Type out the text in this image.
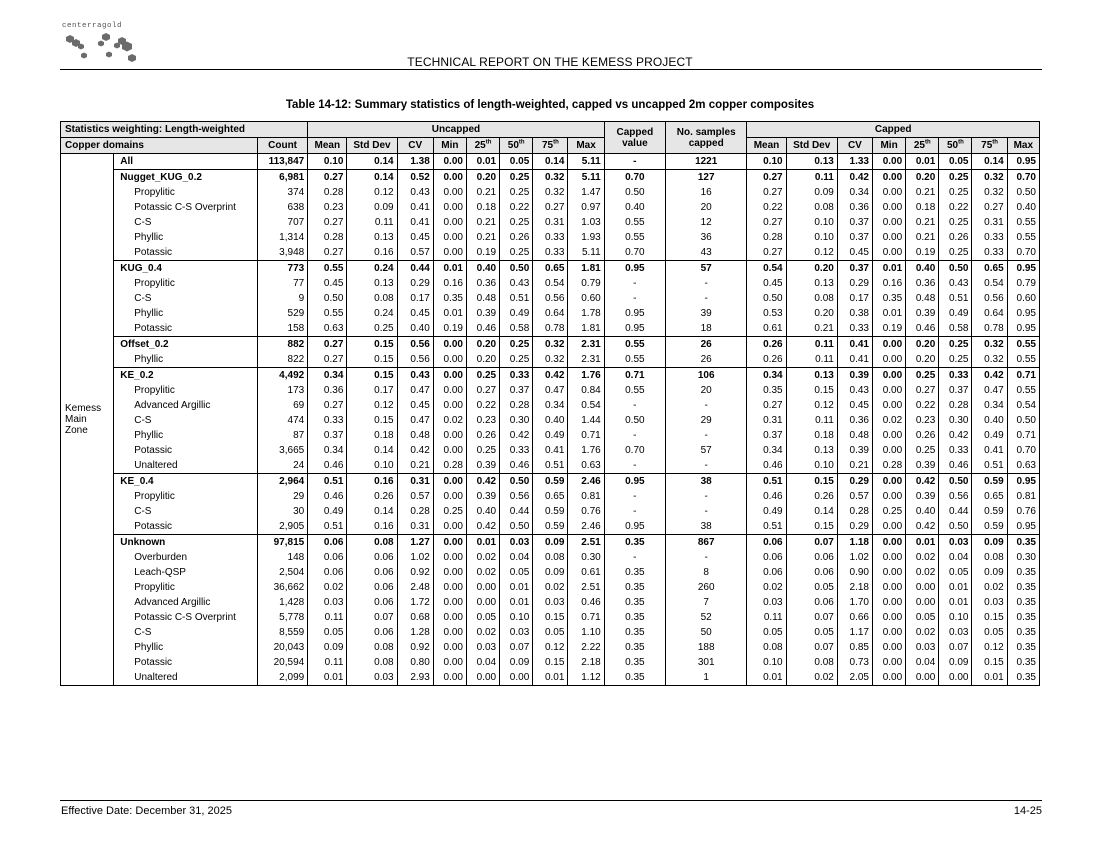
centerragold
TECHNICAL REPORT ON THE KEMESS PROJECT
Table 14-12: Summary statistics of length-weighted, capped vs uncapped 2m copper composites
Statistics weighting: Length-weighted			Uncapped								Capped value	No. samples capped	Capped							
Copper domains		Count	Mean	Std Dev	CV	Min	25th	50th	75th	Max			Mean	Std Dev	CV	Min	25th	50th	75th	Max
Kemess Main Zone	All	113,847	0.10	0.14	1.38	0.00	0.01	0.05	0.14	5.11	-	1221	0.10	0.13	1.33	0.00	0.01	0.05	0.14	0.95
	Nugget_KUG_0.2	6,981	0.27	0.14	0.52	0.00	0.20	0.25	0.32	5.11	0.70	127	0.27	0.11	0.42	0.00	0.20	0.25	0.32	0.70
	Propylitic	374	0.28	0.12	0.43	0.00	0.21	0.25	0.32	1.47	0.50	16	0.27	0.09	0.34	0.00	0.21	0.25	0.32	0.50
	Potassic C-S Overprint	638	0.23	0.09	0.41	0.00	0.18	0.22	0.27	0.97	0.40	20	0.22	0.08	0.36	0.00	0.18	0.22	0.27	0.40
	C-S	707	0.27	0.11	0.41	0.00	0.21	0.25	0.31	1.03	0.55	12	0.27	0.10	0.37	0.00	0.21	0.25	0.31	0.55
	Phyllic	1,314	0.28	0.13	0.45	0.00	0.21	0.26	0.33	1.93	0.55	36	0.28	0.10	0.37	0.00	0.21	0.26	0.33	0.55
	Potassic	3,948	0.27	0.16	0.57	0.00	0.19	0.25	0.33	5.11	0.70	43	0.27	0.12	0.45	0.00	0.19	0.25	0.33	0.70
	KUG_0.4	773	0.55	0.24	0.44	0.01	0.40	0.50	0.65	1.81	0.95	57	0.54	0.20	0.37	0.01	0.40	0.50	0.65	0.95
	Propylitic	77	0.45	0.13	0.29	0.16	0.36	0.43	0.54	0.79	-	-	0.45	0.13	0.29	0.16	0.36	0.43	0.54	0.79
	C-S	9	0.50	0.08	0.17	0.35	0.48	0.51	0.56	0.60	-	-	0.50	0.08	0.17	0.35	0.48	0.51	0.56	0.60
	Phyllic	529	0.55	0.24	0.45	0.01	0.39	0.49	0.64	1.78	0.95	39	0.53	0.20	0.38	0.01	0.39	0.49	0.64	0.95
	Potassic	158	0.63	0.25	0.40	0.19	0.46	0.58	0.78	1.81	0.95	18	0.61	0.21	0.33	0.19	0.46	0.58	0.78	0.95
	Offset_0.2	882	0.27	0.15	0.56	0.00	0.20	0.25	0.32	2.31	0.55	26	0.26	0.11	0.41	0.00	0.20	0.25	0.32	0.55
	Phyllic	822	0.27	0.15	0.56	0.00	0.20	0.25	0.32	2.31	0.55	26	0.26	0.11	0.41	0.00	0.20	0.25	0.32	0.55
	KE_0.2	4,492	0.34	0.15	0.43	0.00	0.25	0.33	0.42	1.76	0.71	106	0.34	0.13	0.39	0.00	0.25	0.33	0.42	0.71
	Propylitic	173	0.36	0.17	0.47	0.00	0.27	0.37	0.47	0.84	0.55	20	0.35	0.15	0.43	0.00	0.27	0.37	0.47	0.55
	Advanced Argillic	69	0.27	0.12	0.45	0.00	0.22	0.28	0.34	0.54	-	-	0.27	0.12	0.45	0.00	0.22	0.28	0.34	0.54
	C-S	474	0.33	0.15	0.47	0.02	0.23	0.30	0.40	1.44	0.50	29	0.31	0.11	0.36	0.02	0.23	0.30	0.40	0.50
	Phyllic	87	0.37	0.18	0.48	0.00	0.26	0.42	0.49	0.71	-	-	0.37	0.18	0.48	0.00	0.26	0.42	0.49	0.71
	Potassic	3,665	0.34	0.14	0.42	0.00	0.25	0.33	0.41	1.76	0.70	57	0.34	0.13	0.39	0.00	0.25	0.33	0.41	0.70
	Unaltered	24	0.46	0.10	0.21	0.28	0.39	0.46	0.51	0.63	-	-	0.46	0.10	0.21	0.28	0.39	0.46	0.51	0.63
	KE_0.4	2,964	0.51	0.16	0.31	0.00	0.42	0.50	0.59	2.46	0.95	38	0.51	0.15	0.29	0.00	0.42	0.50	0.59	0.95
	Propylitic	29	0.46	0.26	0.57	0.00	0.39	0.56	0.65	0.81	-	-	0.46	0.26	0.57	0.00	0.39	0.56	0.65	0.81
	C-S	30	0.49	0.14	0.28	0.25	0.40	0.44	0.59	0.76	-	-	0.49	0.14	0.28	0.25	0.40	0.44	0.59	0.76
	Potassic	2,905	0.51	0.16	0.31	0.00	0.42	0.50	0.59	2.46	0.95	38	0.51	0.15	0.29	0.00	0.42	0.50	0.59	0.95
	Unknown	97,815	0.06	0.08	1.27	0.00	0.01	0.03	0.09	2.51	0.35	867	0.06	0.07	1.18	0.00	0.01	0.03	0.09	0.35
	Overburden	148	0.06	0.06	1.02	0.00	0.02	0.04	0.08	0.30	-	-	0.06	0.06	1.02	0.00	0.02	0.04	0.08	0.30
	Leach-QSP	2,504	0.06	0.06	0.92	0.00	0.02	0.05	0.09	0.61	0.35	8	0.06	0.06	0.90	0.00	0.02	0.05	0.09	0.35
	Propylitic	36,662	0.02	0.06	2.48	0.00	0.00	0.01	0.02	2.51	0.35	260	0.02	0.05	2.18	0.00	0.00	0.01	0.02	0.35
	Advanced Argillic	1,428	0.03	0.06	1.72	0.00	0.00	0.01	0.03	0.46	0.35	7	0.03	0.06	1.70	0.00	0.00	0.01	0.03	0.35
	Potassic C-S Overprint	5,778	0.11	0.07	0.68	0.00	0.05	0.10	0.15	0.71	0.35	52	0.11	0.07	0.66	0.00	0.05	0.10	0.15	0.35
	C-S	8,559	0.05	0.06	1.28	0.00	0.02	0.03	0.05	1.10	0.35	50	0.05	0.05	1.17	0.00	0.02	0.03	0.05	0.35
	Phyllic	20,043	0.09	0.08	0.92	0.00	0.03	0.07	0.12	2.22	0.35	188	0.08	0.07	0.85	0.00	0.03	0.07	0.12	0.35
	Potassic	20,594	0.11	0.08	0.80	0.00	0.04	0.09	0.15	2.18	0.35	301	0.10	0.08	0.73	0.00	0.04	0.09	0.15	0.35
	Unaltered	2,099	0.01	0.03	2.93	0.00	0.00	0.00	0.01	1.12	0.35	1	0.01	0.02	2.05	0.00	0.00	0.00	0.01	0.35
Effective Date: December 31, 2025	14-25
